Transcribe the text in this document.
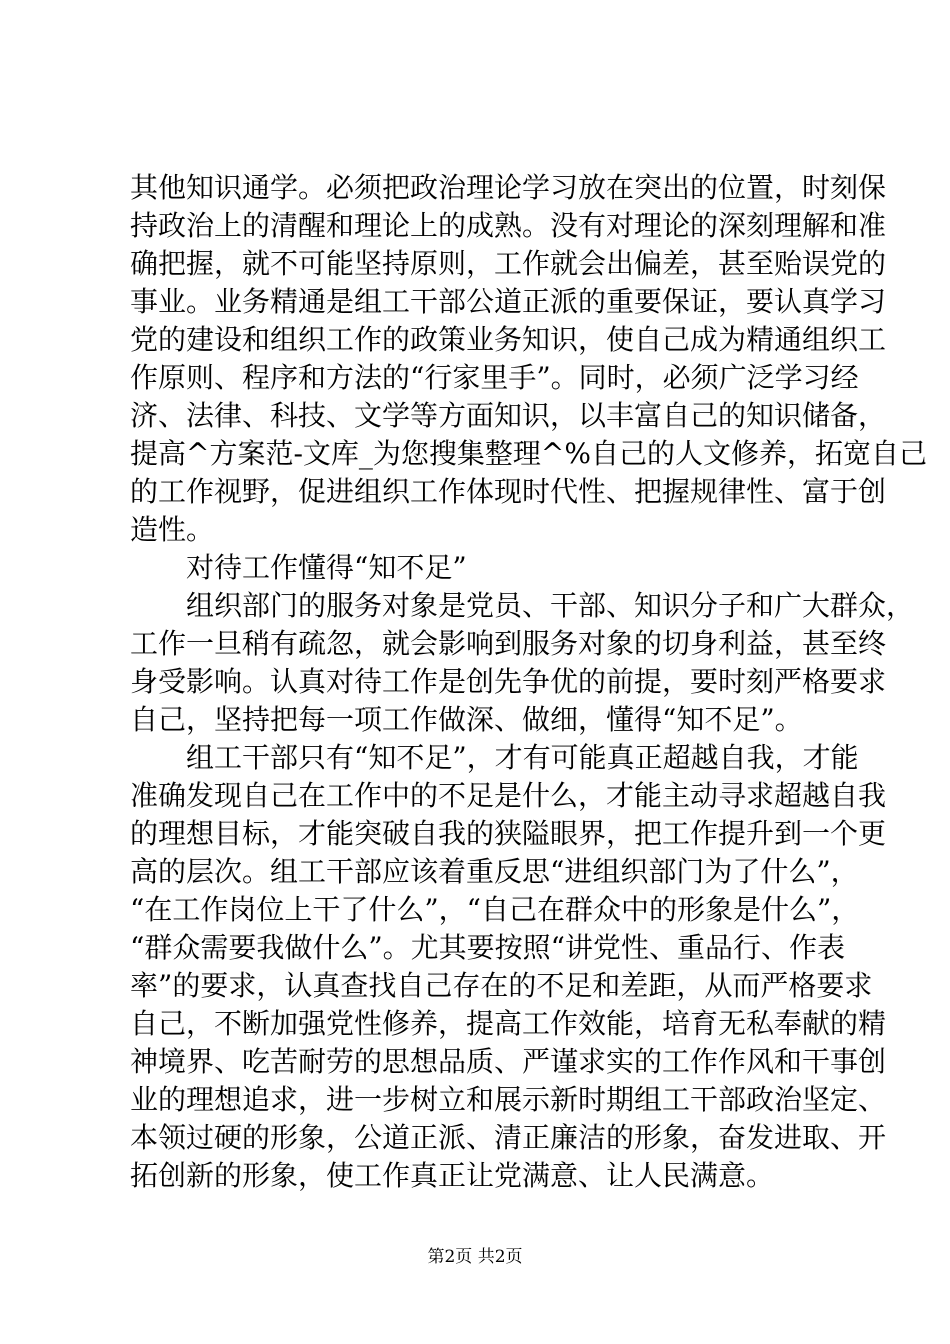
其他知识通学。必须把政治理论学习放在突出的位置，时刻保
持政治上的清醒和理论上的成熟。没有对理论的深刻理解和准
确把握，就不可能坚持原则，工作就会出偏差，甚至贻误党的
事业。业务精通是组工干部公道正派的重要保证，要认真学习
党的建设和组织工作的政策业务知识，使自己成为精通组织工
作原则、程序和方法的“行家里手”。同时，必须广泛学习经
济、法律、科技、文学等方面知识，以丰富自己的知识储备，
提高^方案范-文库_为您搜集整理^%自己的人文修养，拓宽自己
的工作视野，促进组织工作体现时代性、把握规律性、富于创
造性。
　　对待工作懂得“知不足”
　　组织部门的服务对象是党员、干部、知识分子和广大群众，
工作一旦稍有疏忽，就会影响到服务对象的切身利益，甚至终
身受影响。认真对待工作是创先争优的前提，要时刻严格要求
自己，坚持把每一项工作做深、做细，懂得“知不足”。
　　组工干部只有“知不足”，才有可能真正超越自我，才能
准确发现自己在工作中的不足是什么，才能主动寻求超越自我
的理想目标，才能突破自我的狭隘眼界，把工作提升到一个更
高的层次。组工干部应该着重反思“进组织部门为了什么”，
“在工作岗位上干了什么”，“自己在群众中的形象是什么”，
“群众需要我做什么”。尤其要按照“讲党性、重品行、作表
率”的要求，认真查找自己存在的不足和差距，从而严格要求
自己，不断加强党性修养，提高工作效能，培育无私奉献的精
神境界、吃苦耐劳的思想品质、严谨求实的工作作风和干事创
业的理想追求，进一步树立和展示新时期组工干部政治坚定、
本领过硬的形象，公道正派、清正廉洁的形象，奋发进取、开
拓创新的形象，使工作真正让党满意、让人民满意。
第2页 共2页
